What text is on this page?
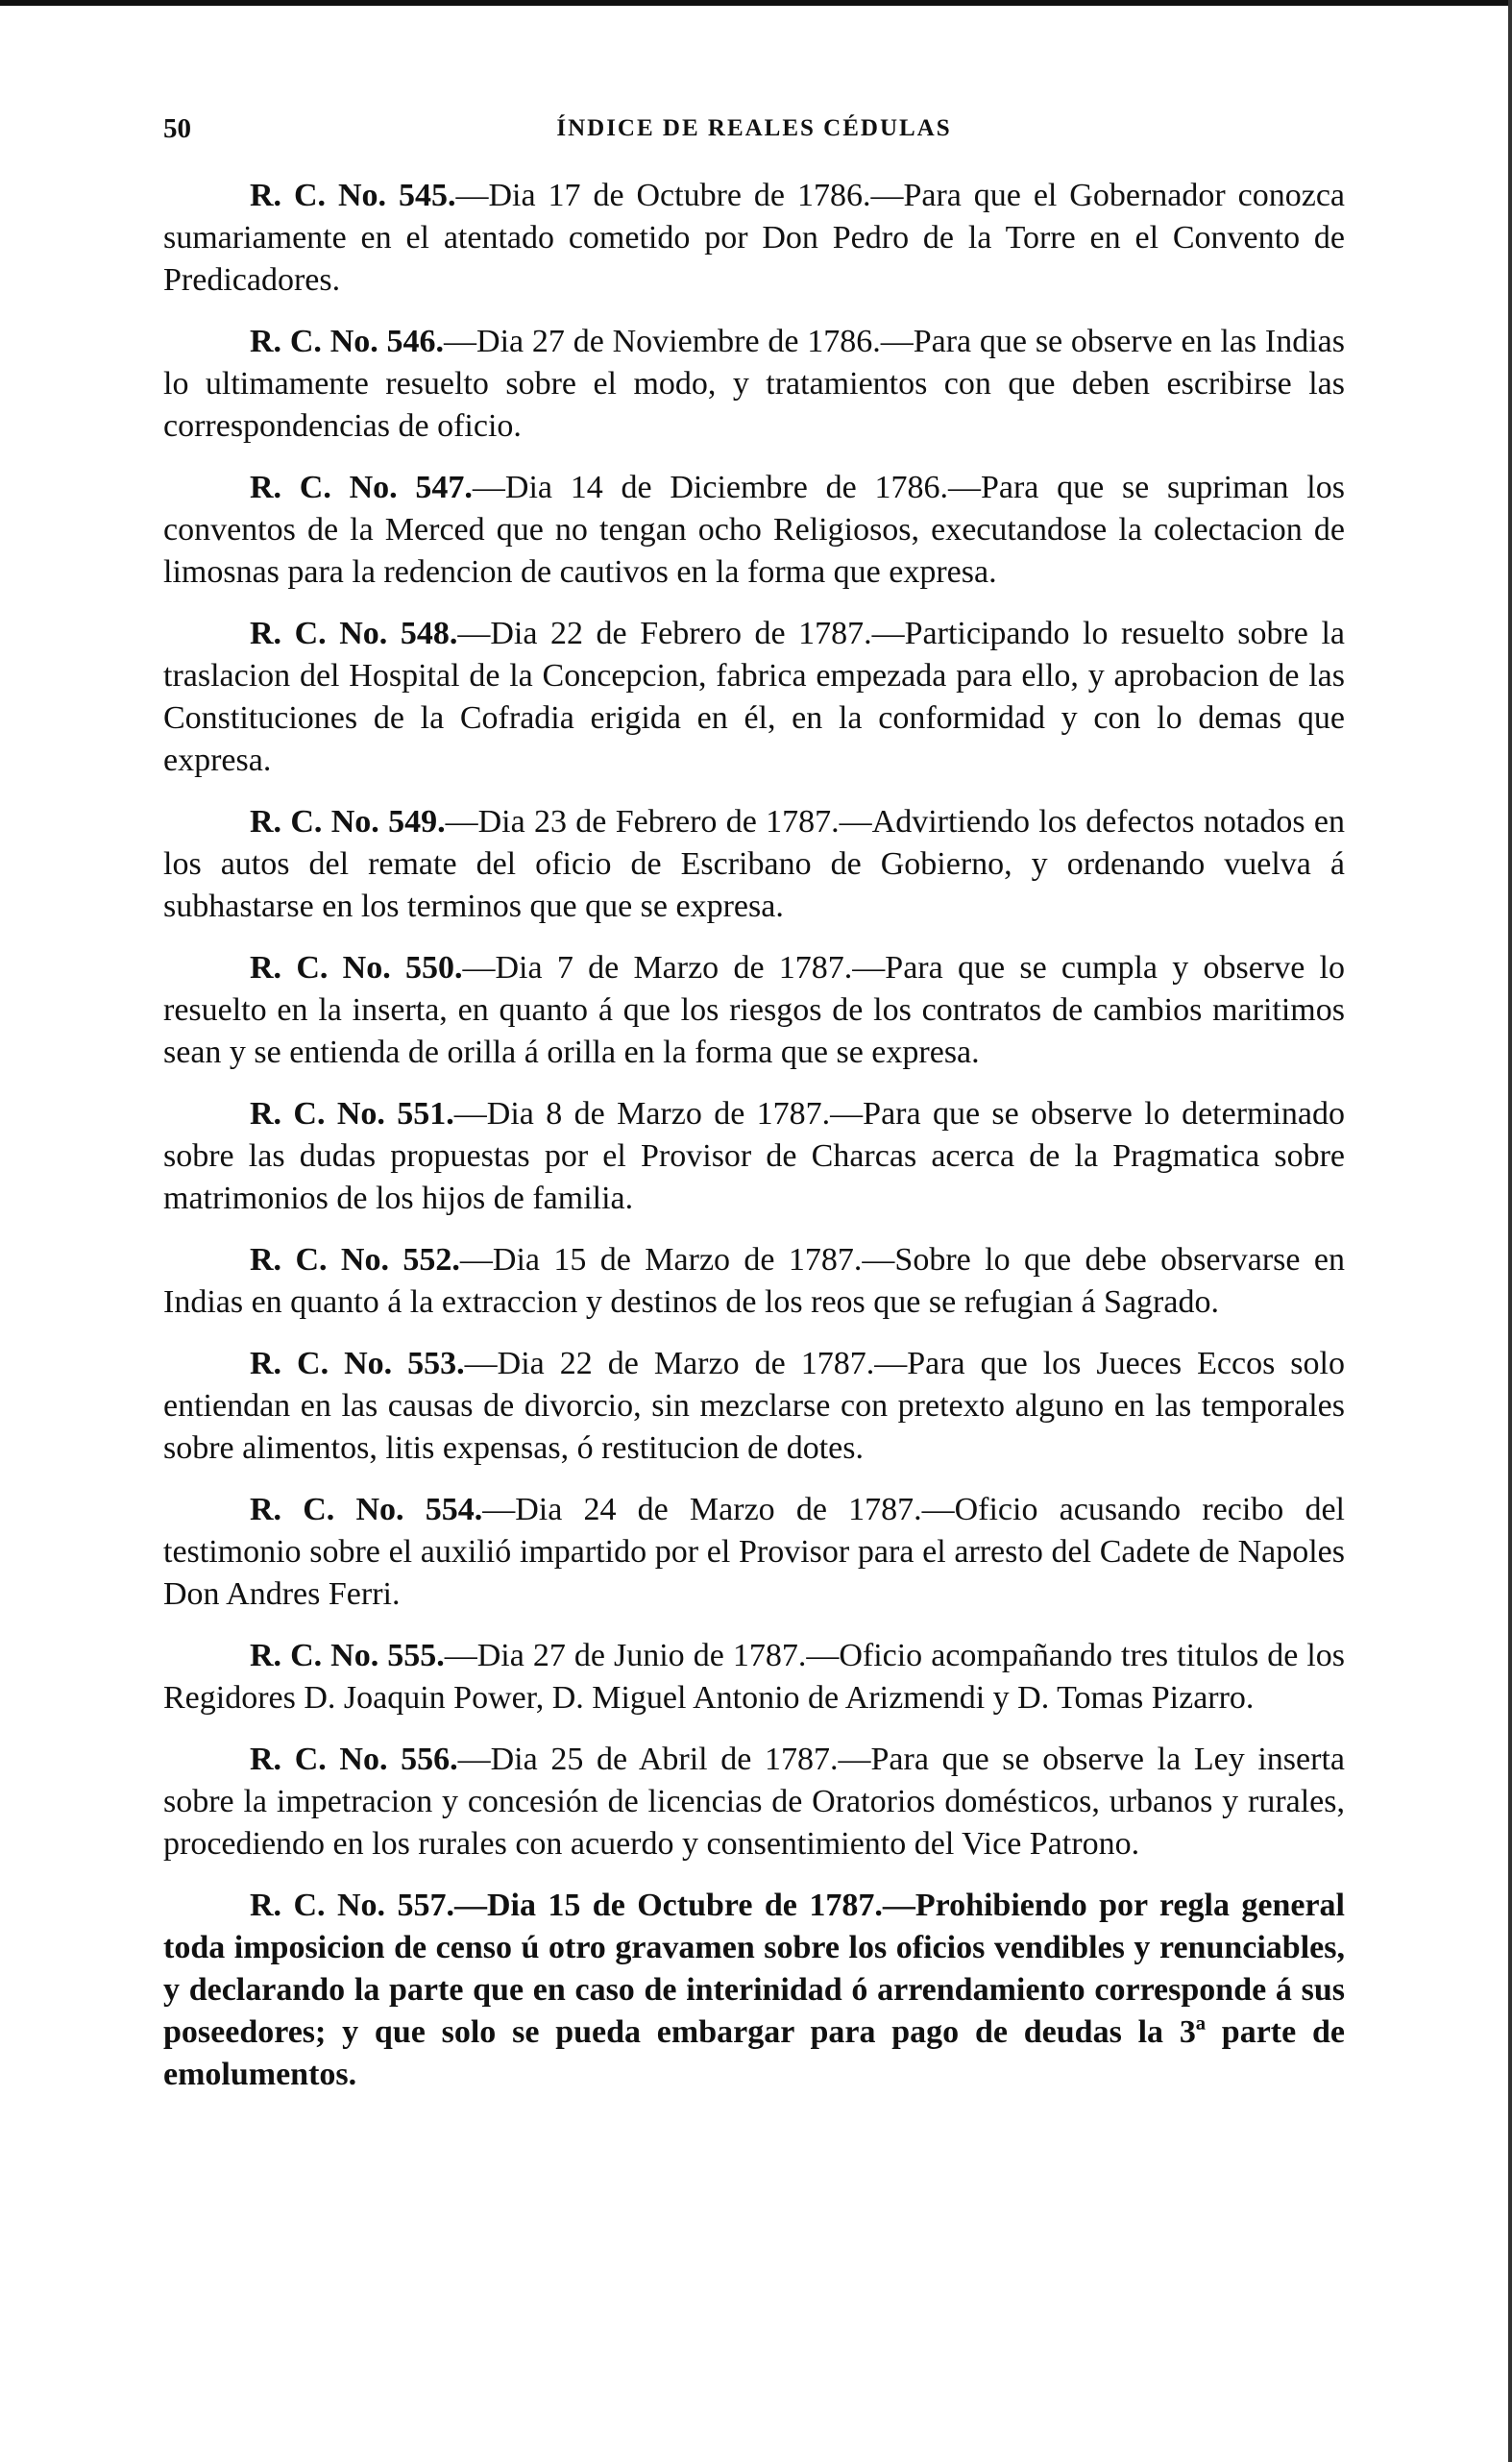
50	ÍNDICE DE REALES CÉDULAS

R. C. No. 545.—Dia 17 de Octubre de 1786.—Para que el Gobernador conozca sumariamente en el atentado cometido por Don Pedro de la Torre en el Convento de Predicadores.

R. C. No. 546.—Dia 27 de Noviembre de 1786.—Para que se observe en las Indias lo ultimamente resuelto sobre el modo, y tratamientos con que deben escribirse las correspondencias de oficio.

R. C. No. 547.—Dia 14 de Diciembre de 1786.—Para que se supriman los conventos de la Merced que no tengan ocho Religiosos, executandose la colectacion de limosnas para la redencion de cautivos en la forma que expresa.

R. C. No. 548.—Dia 22 de Febrero de 1787.—Participando lo resuelto sobre la traslacion del Hospital de la Concepcion, fabrica empezada para ello, y aprobacion de las Constituciones de la Cofradia erigida en él, en la conformidad y con lo demas que expresa.

R. C. No. 549.—Dia 23 de Febrero de 1787.—Advirtiendo los defectos notados en los autos del remate del oficio de Escribano de Gobierno, y ordenando vuelva á subhastarse en los terminos que que se expresa.

R. C. No. 550.—Dia 7 de Marzo de 1787.—Para que se cumpla y observe lo resuelto en la inserta, en quanto á que los riesgos de los contratos de cambios maritimos sean y se entienda de orilla á orilla en la forma que se expresa.

R. C. No. 551.—Dia 8 de Marzo de 1787.—Para que se observe lo determinado sobre las dudas propuestas por el Provisor de Charcas acerca de la Pragmatica sobre matrimonios de los hijos de familia.

R. C. No. 552.—Dia 15 de Marzo de 1787.—Sobre lo que debe observarse en Indias en quanto á la extraccion y destinos de los reos que se refugian á Sagrado.

R. C. No. 553.—Dia 22 de Marzo de 1787.—Para que los Jueces Eccos solo entiendan en las causas de divorcio, sin mezclarse con pretexto alguno en las temporales sobre alimentos, litis expensas, ó restitucion de dotes.

R. C. No. 554.—Dia 24 de Marzo de 1787.—Oficio acusando recibo del testimonio sobre el auxilió impartido por el Provisor para el arresto del Cadete de Napoles Don Andres Ferri.

R. C. No. 555.—Dia 27 de Junio de 1787.—Oficio acompañando tres titulos de los Regidores D. Joaquin Power, D. Miguel Antonio de Arizmendi y D. Tomas Pizarro.

R. C. No. 556.—Dia 25 de Abril de 1787.—Para que se observe la Ley inserta sobre la impetracion y concesión de licencias de Oratorios domésticos, urbanos y rurales, procediendo en los rurales con acuerdo y consentimiento del Vice Patrono.

R. C. No. 557.—Dia 15 de Octubre de 1787.—Prohibiendo por regla general toda imposicion de censo ú otro gravamen sobre los oficios vendibles y renunciables, y declarando la parte que en caso de interinidad ó arrendamiento corresponde á sus poseedores; y que solo se pueda embargar para pago de deudas la 3ª parte de emolumentos.
